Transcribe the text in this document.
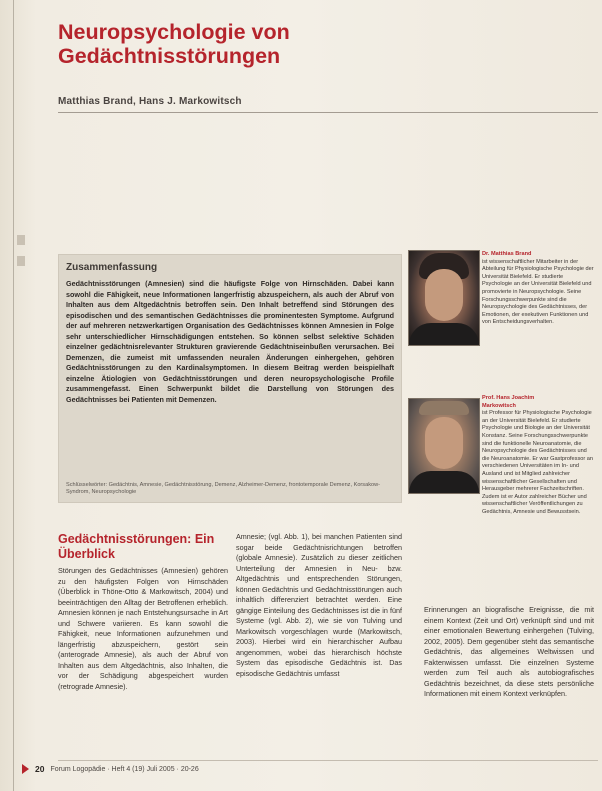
Neuropsychologie von
Gedächtnisstörungen
Matthias Brand, Hans J. Markowitsch
Zusammenfassung
Gedächtnisstörungen (Amnesien) sind die häufigste Folge von Hirnschäden. Dabei kann sowohl die Fähigkeit, neue Informationen langerfristig abzuspeichern, als auch der Abruf von Inhalten aus dem Altgedächtnis betroffen sein. Den Inhalt betreffend sind Störungen des episodischen und des semantischen Gedächtnisses die prominentesten Symptome. Aufgrund der auf mehreren netzwerkartigen Organisation des Gedächtnisses können Amnesien in Folge sehr unterschiedlicher Hirnschädigungen entstehen. So können selbst selektive Schäden einzelner gedächtnisrelevanter Strukturen gravierende Gedächtniseinbußen verursachen. Bei Demenzen, die zumeist mit umfassenden neuralen Änderungen einhergehen, gehören Gedächtnisstörungen zu den Kardinalsymptomen. In diesem Beitrag werden beispielhaft einzelne Ätiologien von Gedächtnisstörungen und deren neuropsychologische Profile zusammengefasst. Einen Schwerpunkt bildet die Darstellung von Störungen des Gedächtnisses bei Patienten mit Demenzen.
Schlüsselwörter: Gedächtnis, Amnesie, Gedächtnisstörung, Demenz, Alzheimer-Demenz, frontotemporale Demenz, Korsakow-Syndrom, Neuropsychologie
Dr. Matthias Brand
ist wissenschaftlicher Mitarbeiter in der Abteilung für Physiologische Psychologie der Universität Bielefeld. Er studierte Psychologie an der Universität Bielefeld und promovierte in Neuropsychologie. Seine Forschungsschwerpunkte sind die Neuropsychologie des Gedächtnisses, der Emotionen, der exekutiven Funktionen und von Entscheidungsverhalten.
Prof. Hans Joachim
Markowitsch
ist Professor für Physiologische Psychologie an der Universität Bielefeld. Er studierte Psychologie und Biologie an der Universität Konstanz. Seine Forschungsschwerpunkte sind die funktionelle Neuroanatomie, die Neuropsychologie des Gedächtnisses und die Neuroanatomie. Er war Gastprofessor an verschiedenen Universitäten im In- und Ausland und ist Mitglied zahlreicher wissenschaftlicher Gesellschaften und Herausgeber mehrerer Fachzeitschriften. Zudem ist er Autor zahlreicher Bücher und wissenschaftlicher Veröffentlichungen zu Gedächtnis, Amnesie und Bewusstsein.
Gedächtnisstörungen: Ein Überblick
Störungen des Gedächtnisses (Amnesien) gehören zu den häufigsten Folgen von Hirnschäden (Überblick in Thöne-Otto & Markowitsch, 2004) und beeinträchtigen den Alltag der Betroffenen erheblich. Amnesien können je nach Entstehungsursache in Art und Schwere variieren. Es kann sowohl die Fähigkeit, neue Informationen aufzunehmen und längerfristig abzuspeichern, gestört sein (anterograde Amnesie), als auch der Abruf von Inhalten aus dem Altgedächtnis, also Inhalten, die vor der Schädigung abgespeichert wurden (retrograde Amnesie).
Amnesie; (vgl. Abb. 1), bei manchen Patienten sind sogar beide Gedächtnisrichtungen betroffen (globale Amnesie). Zusätzlich zu dieser zeitlichen Unterteilung der Amnesien in Neu- bzw. Altgedächtnis und entsprechenden Störungen, können Gedächtnis und Gedächtnisstörungen auch inhaltlich differenziert betrachtet werden. Eine gängige Einteilung des Gedächtnisses ist die in fünf Systeme (vgl. Abb. 2), wie sie von Tulving und Markowitsch vorgeschlagen wurde (Markowitsch, 2003). Hierbei wird ein hierarchischer Aufbau angenommen, wobei das hierarchisch höchste System das episodische Gedächtnis ist. Das episodische Gedächtnis umfasst
Erinnerungen an biografische Ereignisse, die mit einem Kontext (Zeit und Ort) verknüpft sind und mit einer emotionalen Bewertung einhergehen (Tulving, 2002, 2005). Dem gegenüber steht das semantische Gedächtnis, das allgemeines Weltwissen und Faktenwissen umfasst. Die einzelnen Systeme werden zum Teil auch als autobiografisches Gedächtnis bezeichnet, da diese stets persönliche Informationen mit einem Kontext verknüpfen.
20 Forum Logopädie · Heft 4 (19) Juli 2005 · 20-26
